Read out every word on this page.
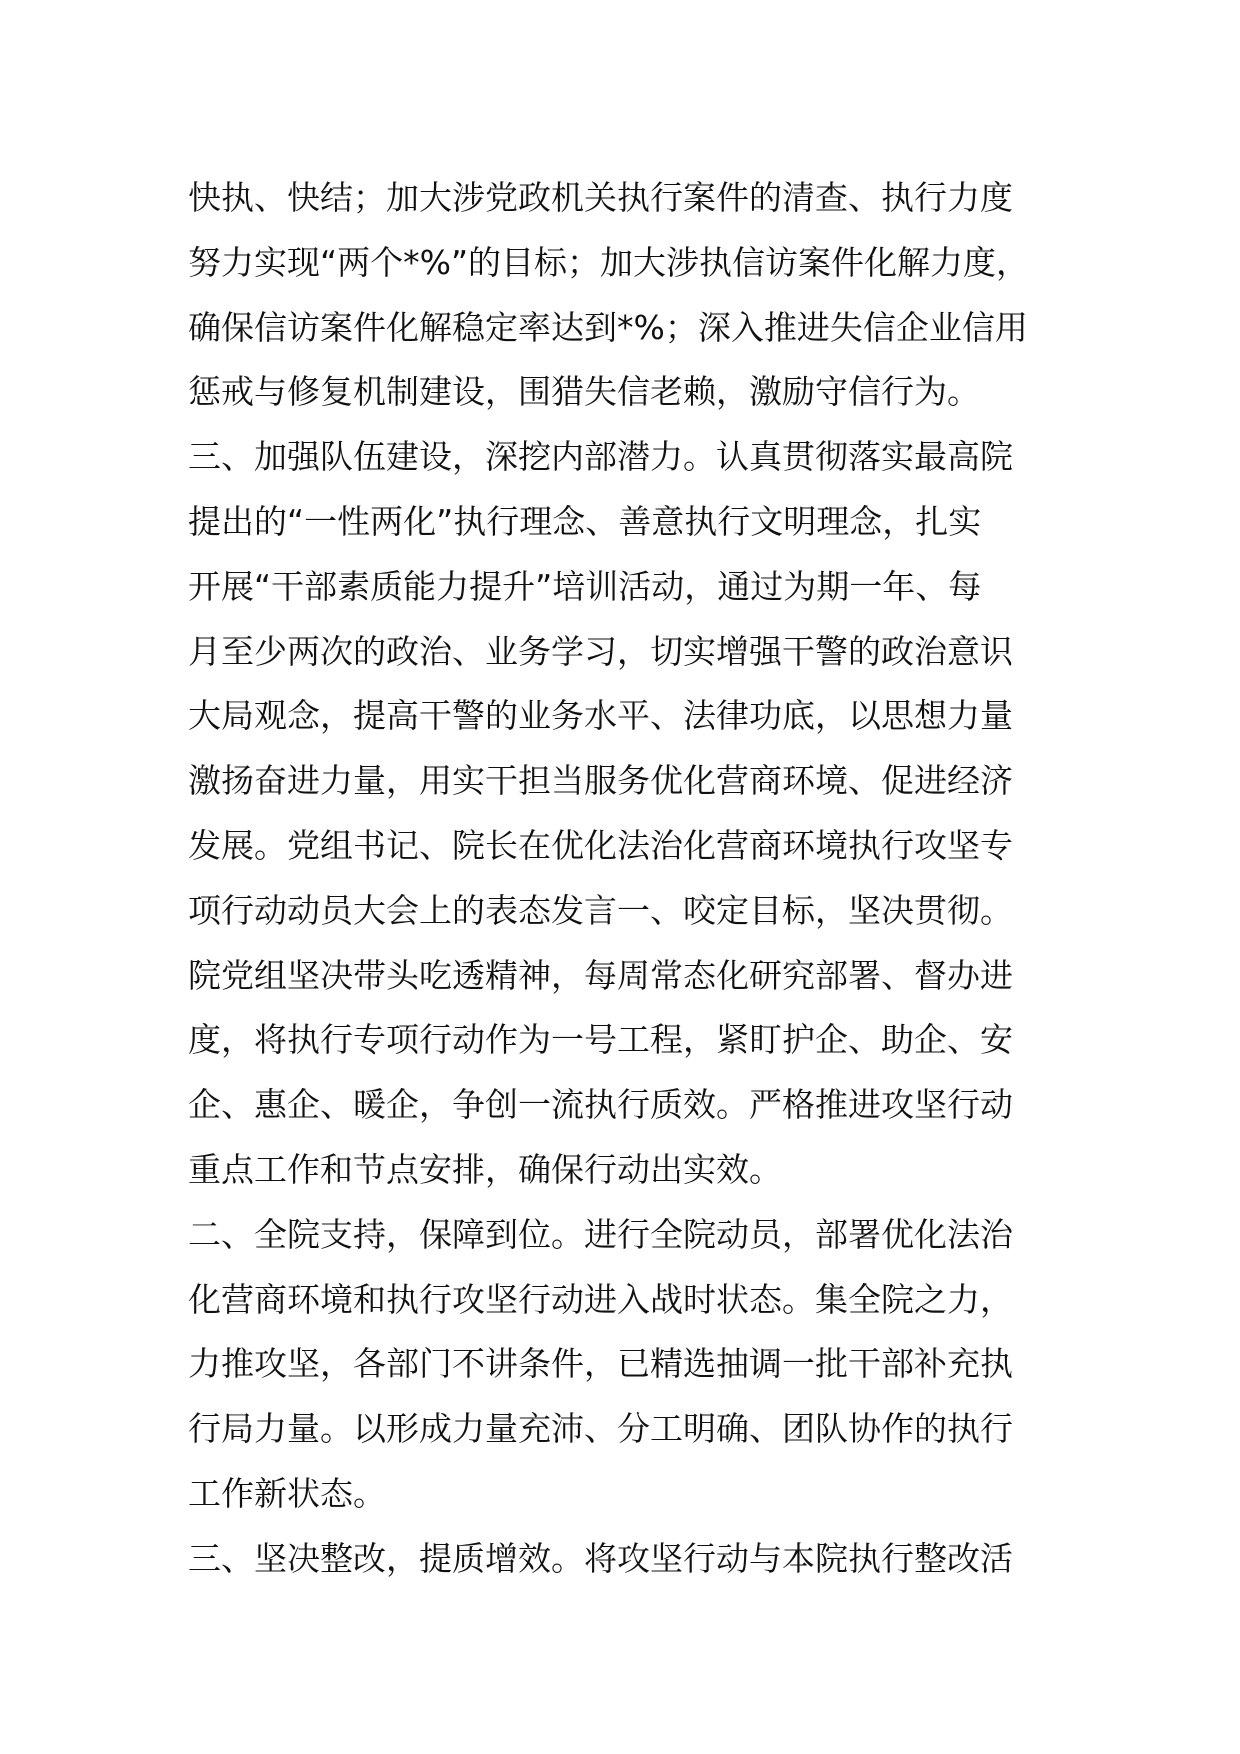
快执、快结；加大涉党政机关执行案件的清查、执行力度
努力实现“两个*%”的目标；加大涉执信访案件化解力度，
确保信访案件化解稳定率达到*%；深入推进失信企业信用
惩戒与修复机制建设，围猎失信老赖，激励守信行为。
三、加强队伍建设，深挖内部潜力。认真贯彻落实最高院
提出的“一性两化”执行理念、善意执行文明理念，扎实
开展“干部素质能力提升”培训活动，通过为期一年、每
月至少两次的政治、业务学习，切实增强干警的政治意识
大局观念，提高干警的业务水平、法律功底，以思想力量
激扬奋进力量，用实干担当服务优化营商环境、促进经济
发展。党组书记、院长在优化法治化营商环境执行攻坚专
项行动动员大会上的表态发言一、咬定目标，坚决贯彻。
院党组坚决带头吃透精神，每周常态化研究部署、督办进
度，将执行专项行动作为一号工程，紧盯护企、助企、安
企、惠企、暖企，争创一流执行质效。严格推进攻坚行动
重点工作和节点安排，确保行动出实效。
二、全院支持，保障到位。进行全院动员，部署优化法治
化营商环境和执行攻坚行动进入战时状态。集全院之力，
力推攻坚，各部门不讲条件，已精选抽调一批干部补充执
行局力量。以形成力量充沛、分工明确、团队协作的执行
工作新状态。
三、坚决整改，提质增效。将攻坚行动与本院执行整改活
